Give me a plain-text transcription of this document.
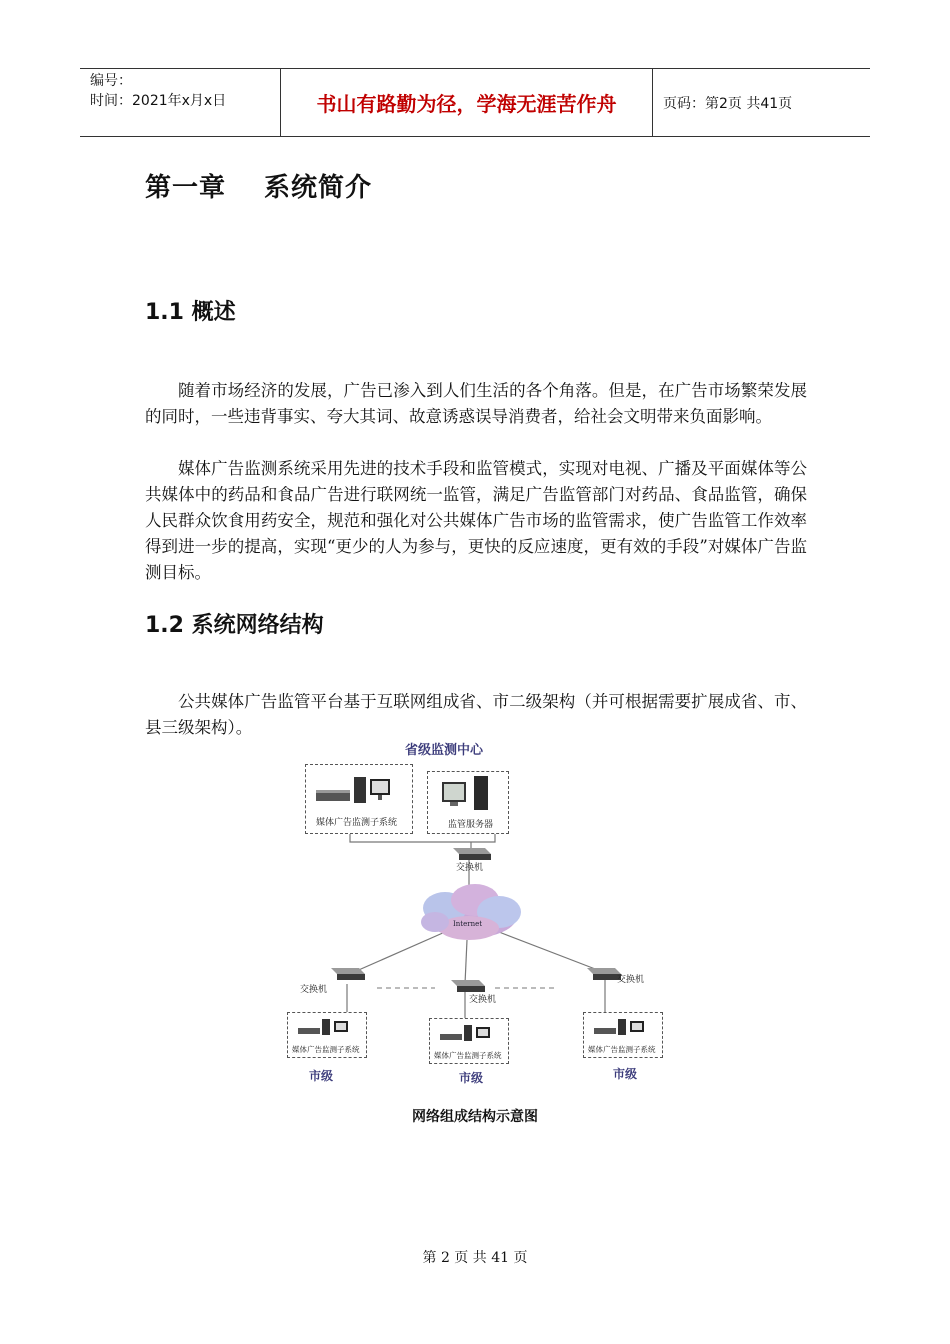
编号：
时间：2021年x月x日	书山有路勤为径，学海无涯苦作舟	页码：第2页 共41页
第一章 系统简介
1.1 概述

随着市场经济的发展，广告已渗入到人们生活的各个角落。但是，在广告市场繁荣发展的同时，一些违背事实、夸大其词、故意诱惑误导消费者，给社会文明带来负面影响。

媒体广告监测系统采用先进的技术手段和监管模式，实现对电视、广播及平面媒体等公共媒体中的药品和食品广告进行联网统一监管，满足广告监管部门对药品、食品监管，确保人民群众饮食用药安全，规范和强化对公共媒体广告市场的监管需求，使广告监管工作效率得到进一步的提高，实现“更少的人为参与，更快的反应速度，更有效的手段”对媒体广告监测目标。

1.2 系统网络结构

公共媒体广告监管平台基于互联网组成省、市二级架构（并可根据需要扩展成省、市、县三级架构）。

省级监测中心
媒体广告监测子系统	监管服务器
交换机
Internet
交换机
交换机
交换机
媒体广告监测子系统
媒体广告监测子系统
媒体广告监测子系统
市级	市级	市级
网络组成结构示意图
第 2 页 共 41 页
